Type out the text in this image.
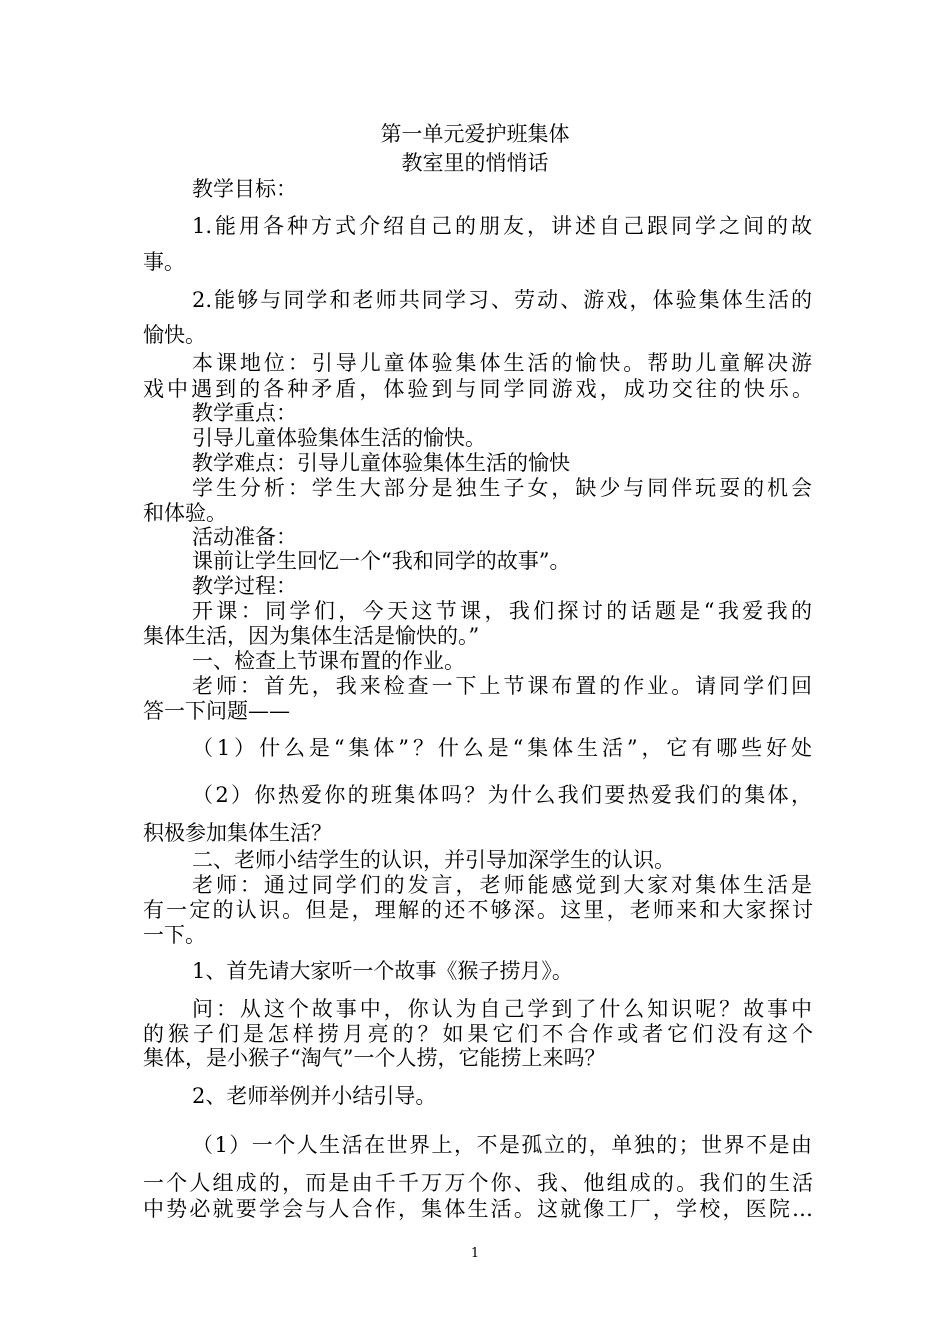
第一单元爱护班集体
教室里的悄悄话
教学目标：
1.能用各种方式介绍自己的朋友，讲述自己跟同学之间的故
事。
2.能够与同学和老师共同学习、劳动、游戏，体验集体生活的
愉快。
本课地位：引导儿童体验集体生活的愉快。帮助儿童解决游
戏中遇到的各种矛盾，体验到与同学同游戏，成功交往的快乐。
教学重点：
引导儿童体验集体生活的愉快。
教学难点：引导儿童体验集体生活的愉快
学生分析：学生大部分是独生子女，缺少与同伴玩耍的机会
和体验。
活动准备：
课前让学生回忆一个“我和同学的故事”。
教学过程：
开课：同学们，今天这节课，我们探讨的话题是“我爱我的
集体生活，因为集体生活是愉快的。”
一、检查上节课布置的作业。
老师：首先，我来检查一下上节课布置的作业。请同学们回
答一下问题——
（1）什么是“集体”？什么是“集体生活”，它有哪些好处
（2）你热爱你的班集体吗？为什么我们要热爱我们的集体，
积极参加集体生活？
二、老师小结学生的认识，并引导加深学生的认识。
老师：通过同学们的发言，老师能感觉到大家对集体生活是
有一定的认识。但是，理解的还不够深。这里，老师来和大家探讨
一下。
1、首先请大家听一个故事《猴子捞月》。
问：从这个故事中，你认为自己学到了什么知识呢？故事中
的猴子们是怎样捞月亮的？如果它们不合作或者它们没有这个
集体，是小猴子“淘气”一个人捞，它能捞上来吗？
2、老师举例并小结引导。
（1）一个人生活在世界上，不是孤立的，单独的；世界不是由
一个人组成的，而是由千千万万个你、我、他组成的。我们的生活
中势必就要学会与人合作，集体生活。这就像工厂，学校，医院…
1
